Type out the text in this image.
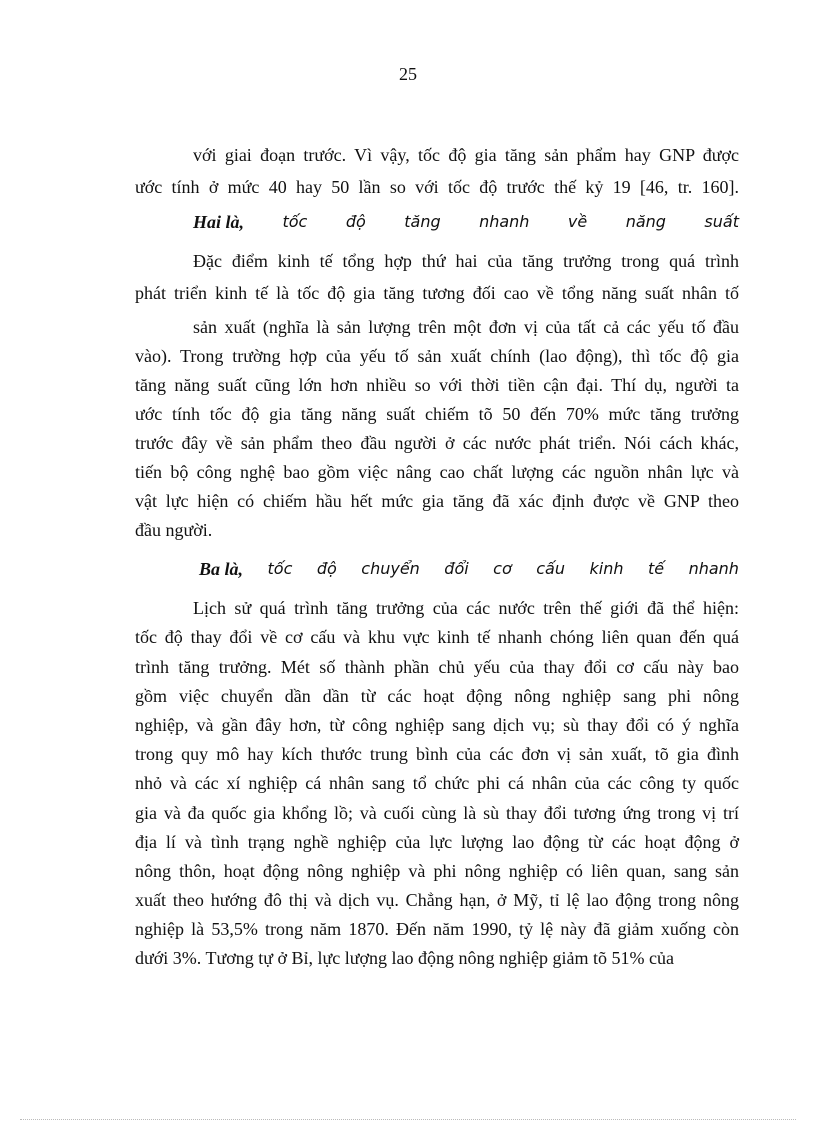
25
với giai đoạn trước. Vì vậy, tốc độ gia tăng sản phẩm hay GNP được
ước tính ở mức 40 hay 50 lần so với tốc độ trước thế kỷ 19 [46, tr. 160].
Hai là, tốc độ tăng nhanh về năng suất
Đặc điểm kinh tế tổng hợp thứ hai của tăng trưởng trong quá trình
phát triển kinh tế là tốc độ gia tăng tương đối cao về tổng năng suất nhân tố
sản xuất (nghĩa là sản lượng trên một đơn vị của tất cả các yếu tố đầu
vào). Trong trường hợp của yếu tố sản xuất chính (lao động), thì tốc độ gia
tăng năng suất cũng lớn hơn nhiều so với thời tiền cận đại. Thí dụ, người ta
ước tính tốc độ gia tăng năng suất chiếm tõ 50 đến 70% mức tăng trưởng
trước đây về sản phẩm theo đầu người ở các nước phát triển. Nói cách khác,
tiến bộ công nghệ bao gồm việc nâng cao chất lượng các nguồn nhân lực và
vật lực hiện có chiếm hầu hết mức gia tăng đã xác định được về GNP theo
đầu người.
Ba là, tốc độ chuyển đổi cơ cấu kinh tế nhanh
Lịch sử quá trình tăng trưởng của các nước trên thế giới đã thể hiện:
tốc độ thay đổi về cơ cấu và khu vực kinh tế nhanh chóng liên quan đến quá
trình tăng trưởng. Mét số thành phần chủ yếu của thay đổi cơ cấu này bao
gồm việc chuyển dần dần từ các hoạt động nông nghiệp sang phi nông
nghiệp, và gần đây hơn, từ công nghiệp sang dịch vụ; sù thay đổi có ý nghĩa
trong quy mô hay kích thước trung bình của các đơn vị sản xuất, tõ gia đình
nhỏ và các xí nghiệp cá nhân sang tổ chức phi cá nhân của các công ty quốc
gia và đa quốc gia khổng lồ; và cuối cùng là sù thay đổi tương ứng trong vị trí
địa lí và tình trạng nghề nghiệp của lực lượng lao động từ các hoạt động ở
nông thôn, hoạt động nông nghiệp và phi nông nghiệp có liên quan, sang sản
xuất theo hướng đô thị và dịch vụ. Chẳng hạn, ở Mỹ, tỉ lệ lao động trong nông
nghiệp là 53,5% trong năm 1870. Đến năm 1990, tỷ lệ này đã giảm xuống còn
dưới 3%. Tương tự ở Bỉ, lực lượng lao động nông nghiệp giảm tõ 51% của
